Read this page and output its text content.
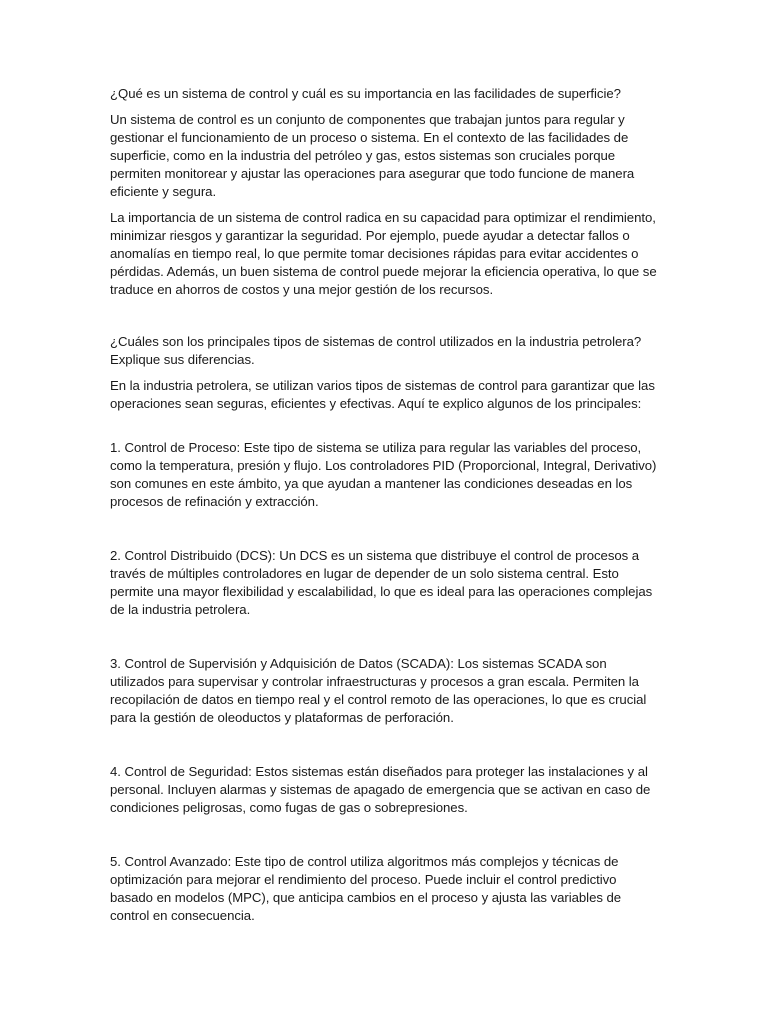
¿Qué es un sistema de control y cuál es su importancia en las facilidades de superficie?

Un sistema de control es un conjunto de componentes que trabajan juntos para regular y gestionar el funcionamiento de un proceso o sistema. En el contexto de las facilidades de superficie, como en la industria del petróleo y gas, estos sistemas son cruciales porque permiten monitorear y ajustar las operaciones para asegurar que todo funcione de manera eficiente y segura.

La importancia de un sistema de control radica en su capacidad para optimizar el rendimiento, minimizar riesgos y garantizar la seguridad. Por ejemplo, puede ayudar a detectar fallos o anomalías en tiempo real, lo que permite tomar decisiones rápidas para evitar accidentes o pérdidas. Además, un buen sistema de control puede mejorar la eficiencia operativa, lo que se traduce en ahorros de costos y una mejor gestión de los recursos.

¿Cuáles son los principales tipos de sistemas de control utilizados en la industria petrolera? Explique sus diferencias.

En la industria petrolera, se utilizan varios tipos de sistemas de control para garantizar que las operaciones sean seguras, eficientes y efectivas. Aquí te explico algunos de los principales:

1. Control de Proceso: Este tipo de sistema se utiliza para regular las variables del proceso, como la temperatura, presión y flujo. Los controladores PID (Proporcional, Integral, Derivativo) son comunes en este ámbito, ya que ayudan a mantener las condiciones deseadas en los procesos de refinación y extracción.

2. Control Distribuido (DCS): Un DCS es un sistema que distribuye el control de procesos a través de múltiples controladores en lugar de depender de un solo sistema central. Esto permite una mayor flexibilidad y escalabilidad, lo que es ideal para las operaciones complejas de la industria petrolera.

3. Control de Supervisión y Adquisición de Datos (SCADA): Los sistemas SCADA son utilizados para supervisar y controlar infraestructuras y procesos a gran escala. Permiten la recopilación de datos en tiempo real y el control remoto de las operaciones, lo que es crucial para la gestión de oleoductos y plataformas de perforación.

4. Control de Seguridad: Estos sistemas están diseñados para proteger las instalaciones y al personal. Incluyen alarmas y sistemas de apagado de emergencia que se activan en caso de condiciones peligrosas, como fugas de gas o sobrepresiones.

5. Control Avanzado: Este tipo de control utiliza algoritmos más complejos y técnicas de optimización para mejorar el rendimiento del proceso. Puede incluir el control predictivo basado en modelos (MPC), que anticipa cambios en el proceso y ajusta las variables de control en consecuencia.
